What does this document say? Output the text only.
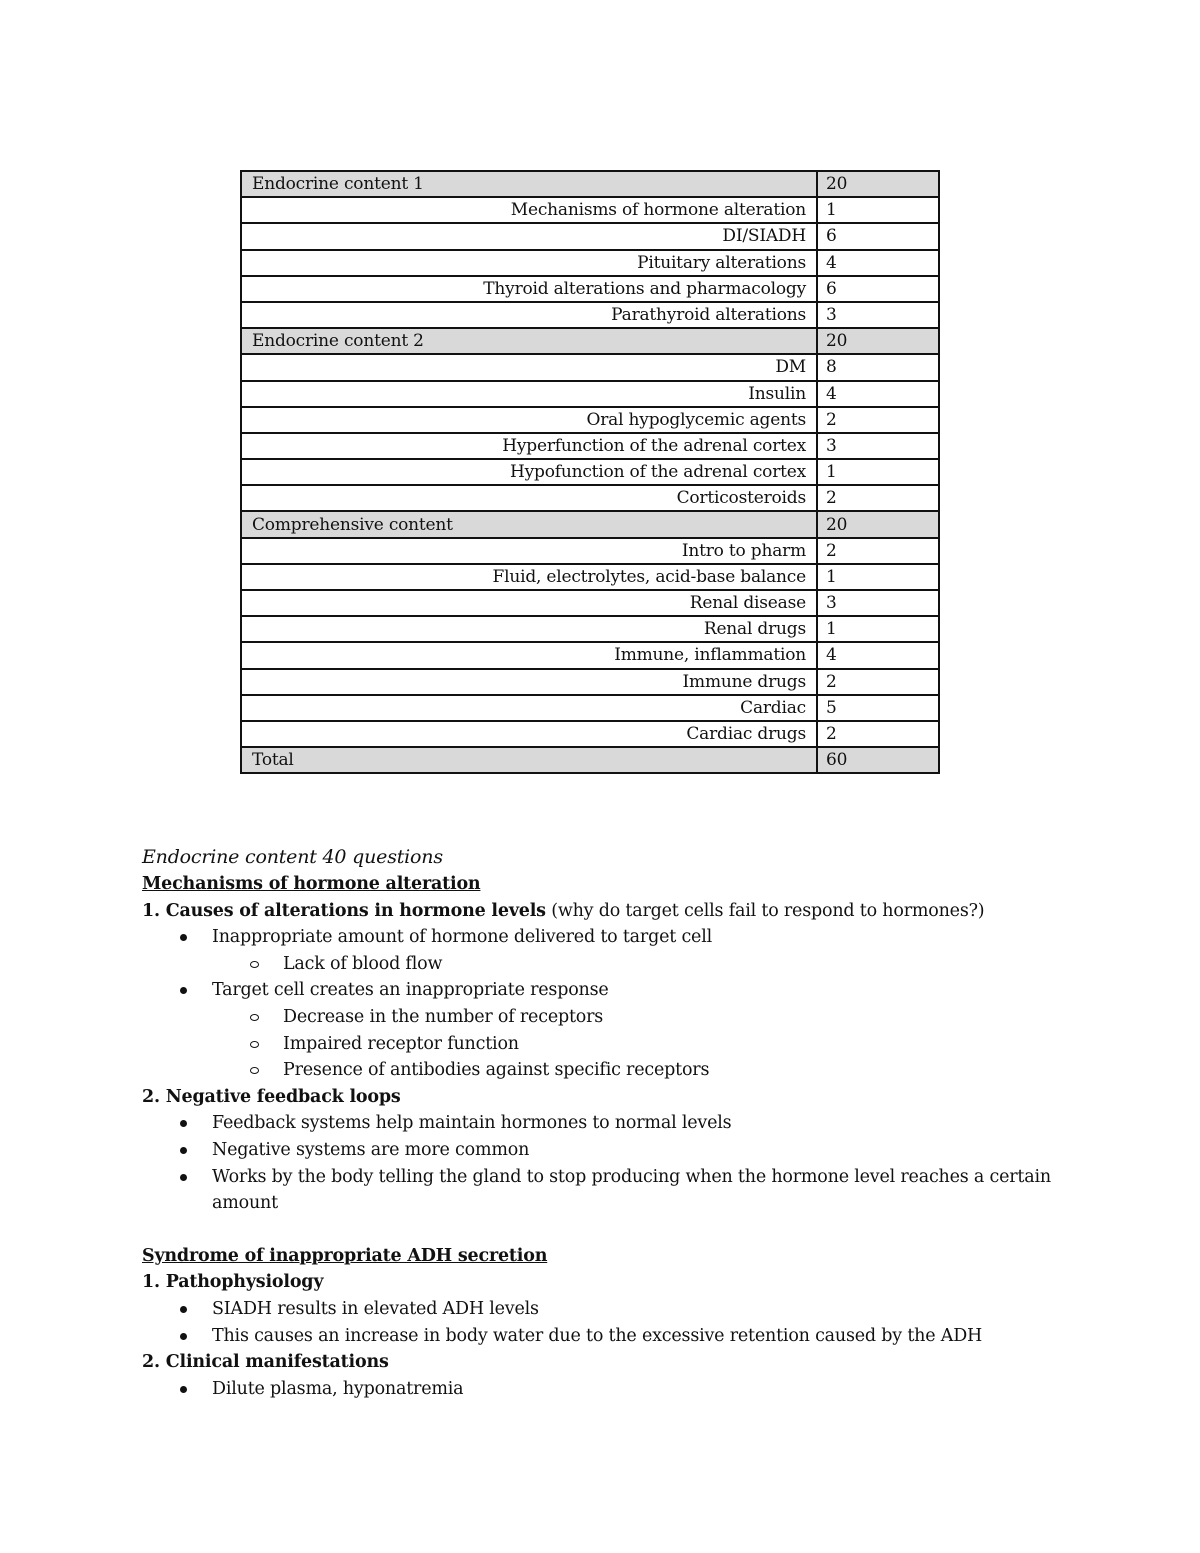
Endocrine content 1	20
Mechanisms of hormone alteration	1
DI/SIADH	6
Pituitary alterations	4
Thyroid alterations and pharmacology	6
Parathyroid alterations	3
Endocrine content 2	20
DM	8
Insulin	4
Oral hypoglycemic agents	2
Hyperfunction of the adrenal cortex	3
Hypofunction of the adrenal cortex	1
Corticosteroids	2
Comprehensive content	20
Intro to pharm	2
Fluid, electrolytes, acid-base balance	1
Renal disease	3
Renal drugs	1
Immune, inflammation	4
Immune drugs	2
Cardiac	5
Cardiac drugs	2
Total	60
Endocrine content 40 questions
Mechanisms of hormone alteration
1. Causes of alterations in hormone levels (why do target cells fail to respond to hormones?)
Inappropriate amount of hormone delivered to target cell
Lack of blood flow
Target cell creates an inappropriate response
Decrease in the number of receptors
Impaired receptor function
Presence of antibodies against specific receptors
2. Negative feedback loops
Feedback systems help maintain hormones to normal levels
Negative systems are more common
Works by the body telling the gland to stop producing when the hormone level reaches a certain amount
Syndrome of inappropriate ADH secretion
1. Pathophysiology
SIADH results in elevated ADH levels
This causes an increase in body water due to the excessive retention caused by the ADH
2. Clinical manifestations
Dilute plasma, hyponatremia
